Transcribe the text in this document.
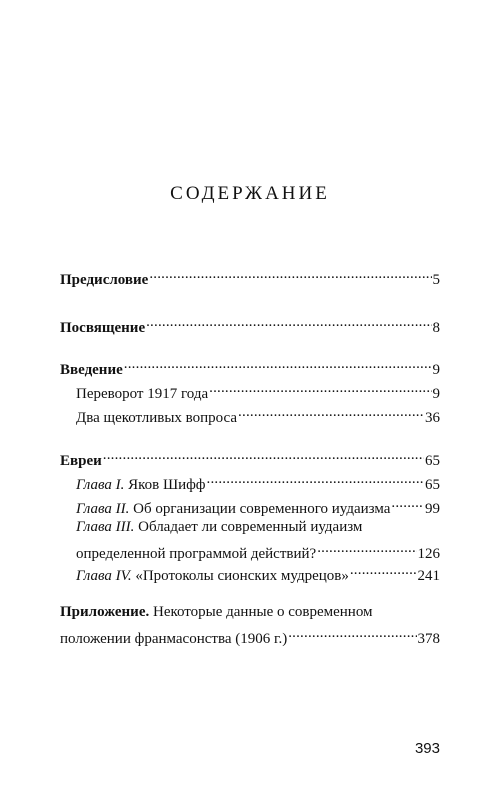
СОДЕРЖАНИЕ
Предисловие .....	5
Посвящение .....	8
Введение .....	9
Переворот 1917 года .....	9
Два щекотливых вопроса .....	36
Евреи .....	65
Глава I. Яков Шифф .....	65
Глава II. Об организации современного иудаизма ..... 99
Глава III. Обладает ли современный иудаизм
определенной программой действий? .....	126
Глава IV. «Протоколы сионских мудрецов» .....	241
Приложение. Некоторые данные о современном
положении франмасонства (1906 г.) .....	378
393
